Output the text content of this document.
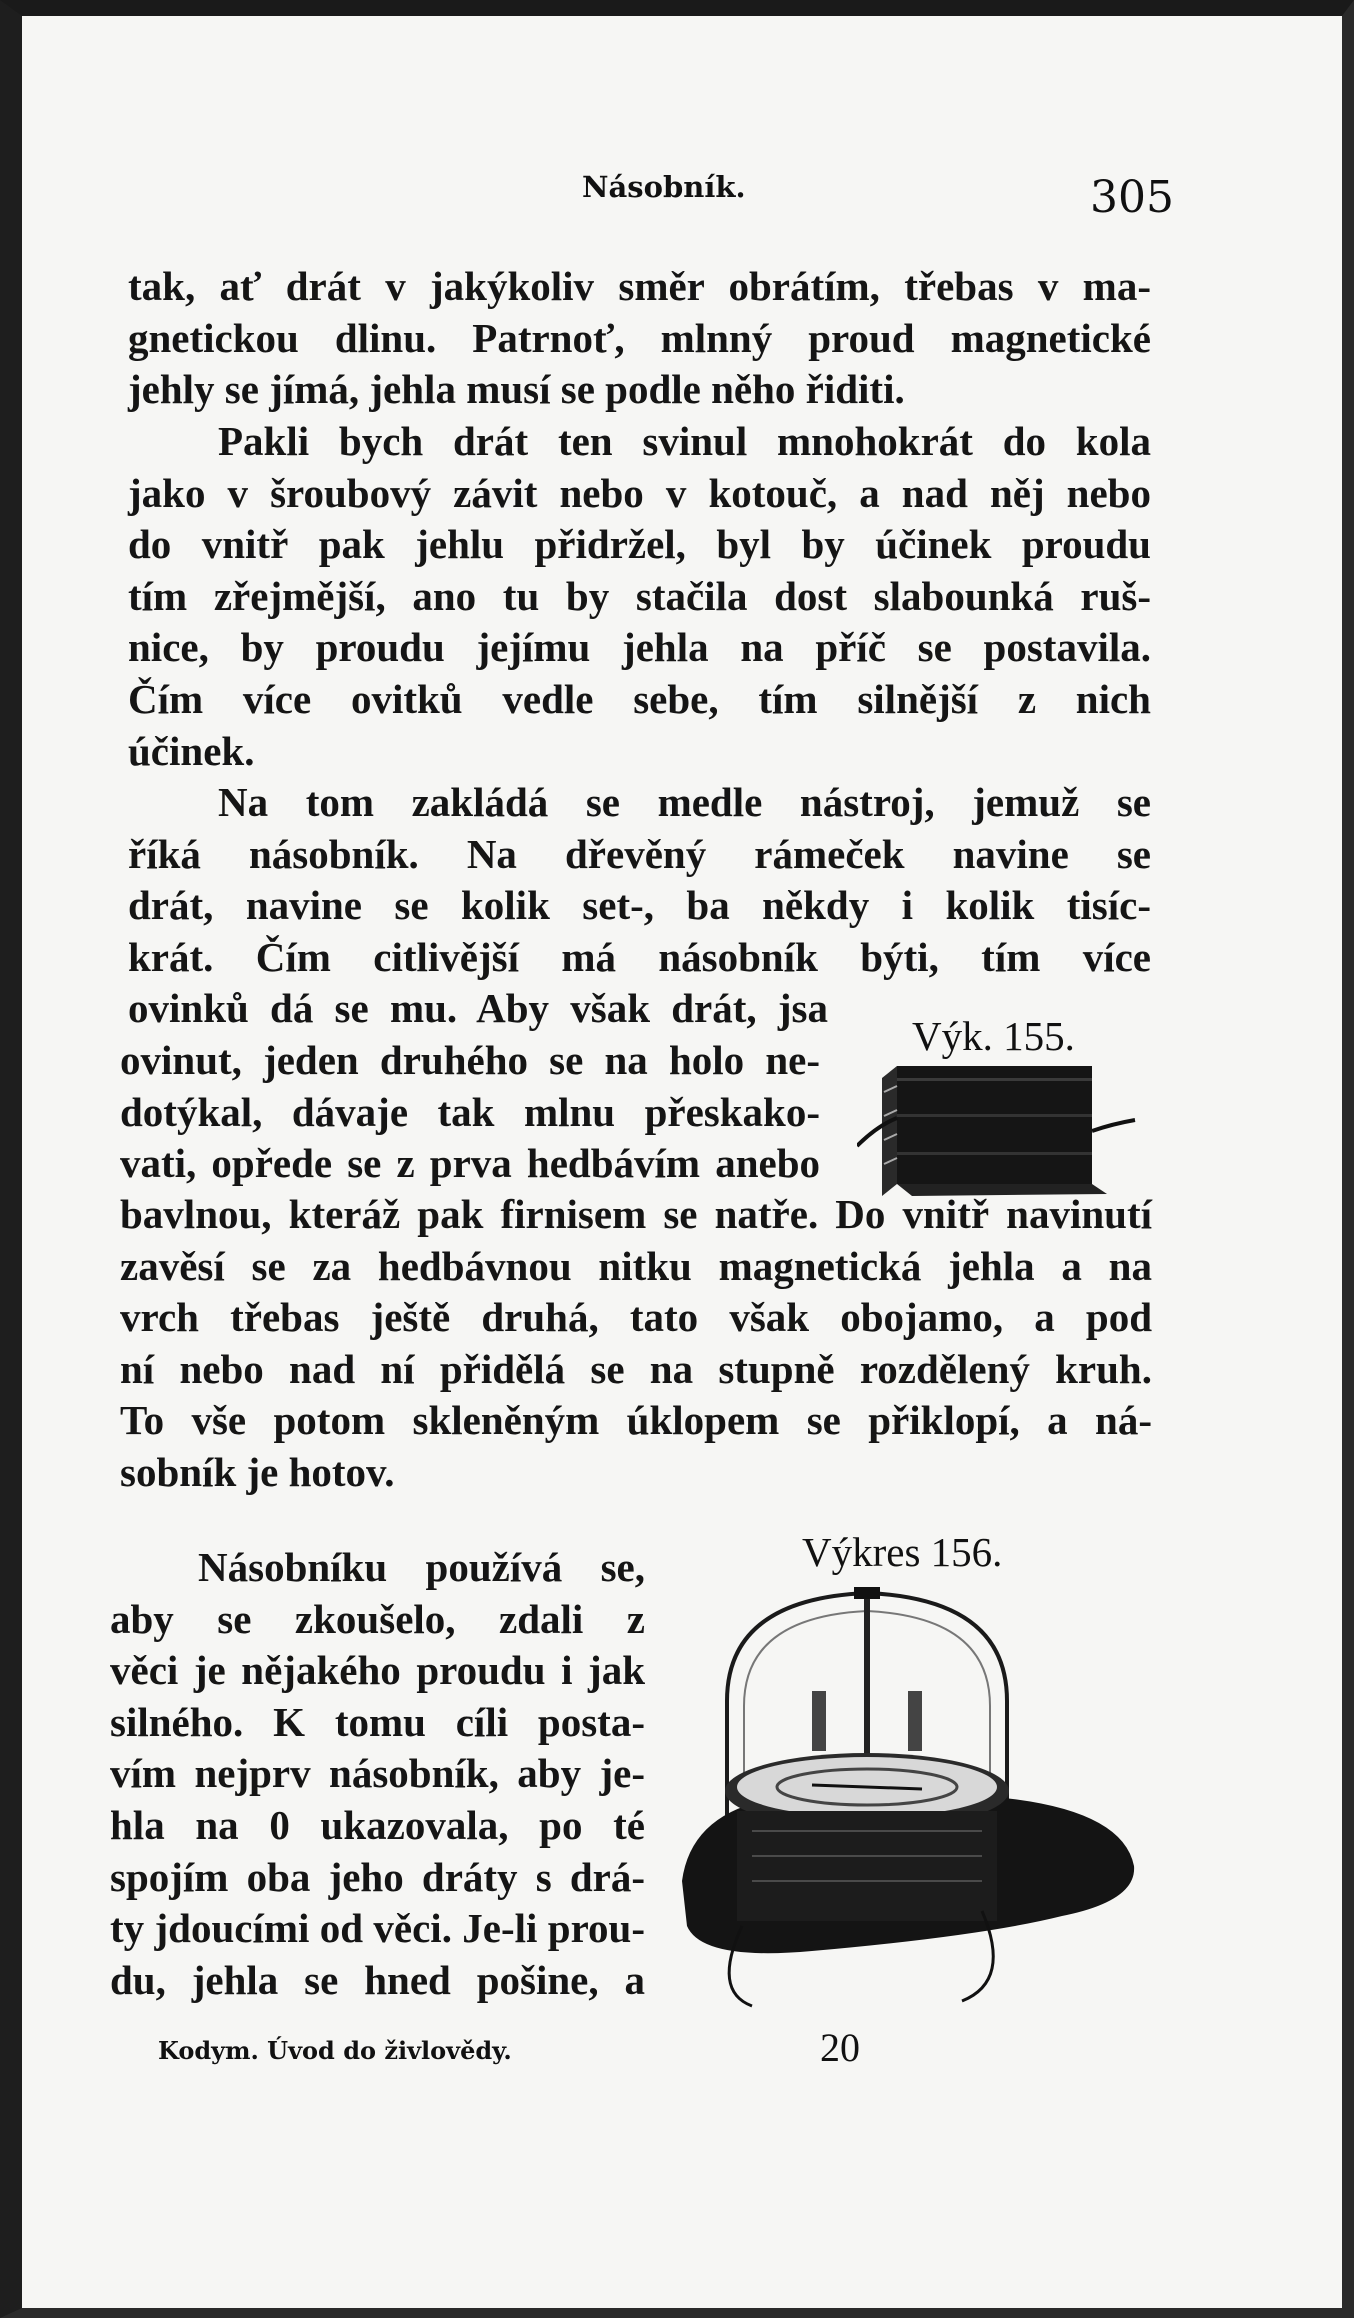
Násobník.	305
tak, ať drát v jakýkoliv směr obrátím, třebas v ma-
gnetickou dlinu. Patrnoť, mlnný proud magnetické
jehly se jímá, jehla musí se podle něho řiditi.
Pakli bych drát ten svinul mnohokrát do kola
jako v šroubový závit nebo v kotouč, a nad něj nebo
do vnitř pak jehlu přidržel, byl by účinek proudu
tím zřejmější, ano tu by stačila dost slabounká ruš-
nice, by proudu jejímu jehla na příč se postavila.
Čím více ovitků vedle sebe, tím silnější z nich
účinek.
Na tom zakládá se medle nástroj, jemuž se
říká násobník. Na dřevěný rámeček navine se
drát, navine se kolik set-, ba někdy i kolik tisíc-
krát. Čím citlivější má násobník býti, tím více
ovinků dá se mu. Aby však drát, jsa
Výk. 155.
ovinut, jeden druhého se na holo ne-
dotýkal, dávaje tak mlnu přeskako-
vati, opřede se z prva hedbávím anebo
bavlnou, kteráž pak firnisem se natře. Do vnitř navinutí
zavěsí se za hedbávnou nitku magnetická jehla a na
vrch třebas ještě druhá, tato však obojamo, a pod
ní nebo nad ní přidělá se na stupně rozdělený kruh.
To vše potom skleněným úklopem se přiklopí, a ná-
sobník je hotov.
Výkres 156.
Násobníku používá se,
aby se zkoušelo, zdali z
věci je nějakého proudu i jak
silného. K tomu cíli posta-
vím nejprv násobník, aby je-
hla na 0 ukazovala, po té
spojím oba jeho dráty s drá-
ty jdoucími od věci. Je-li prou-
du, jehla se hned pošine, a
Kodym. Úvod do živlovědy.	20
